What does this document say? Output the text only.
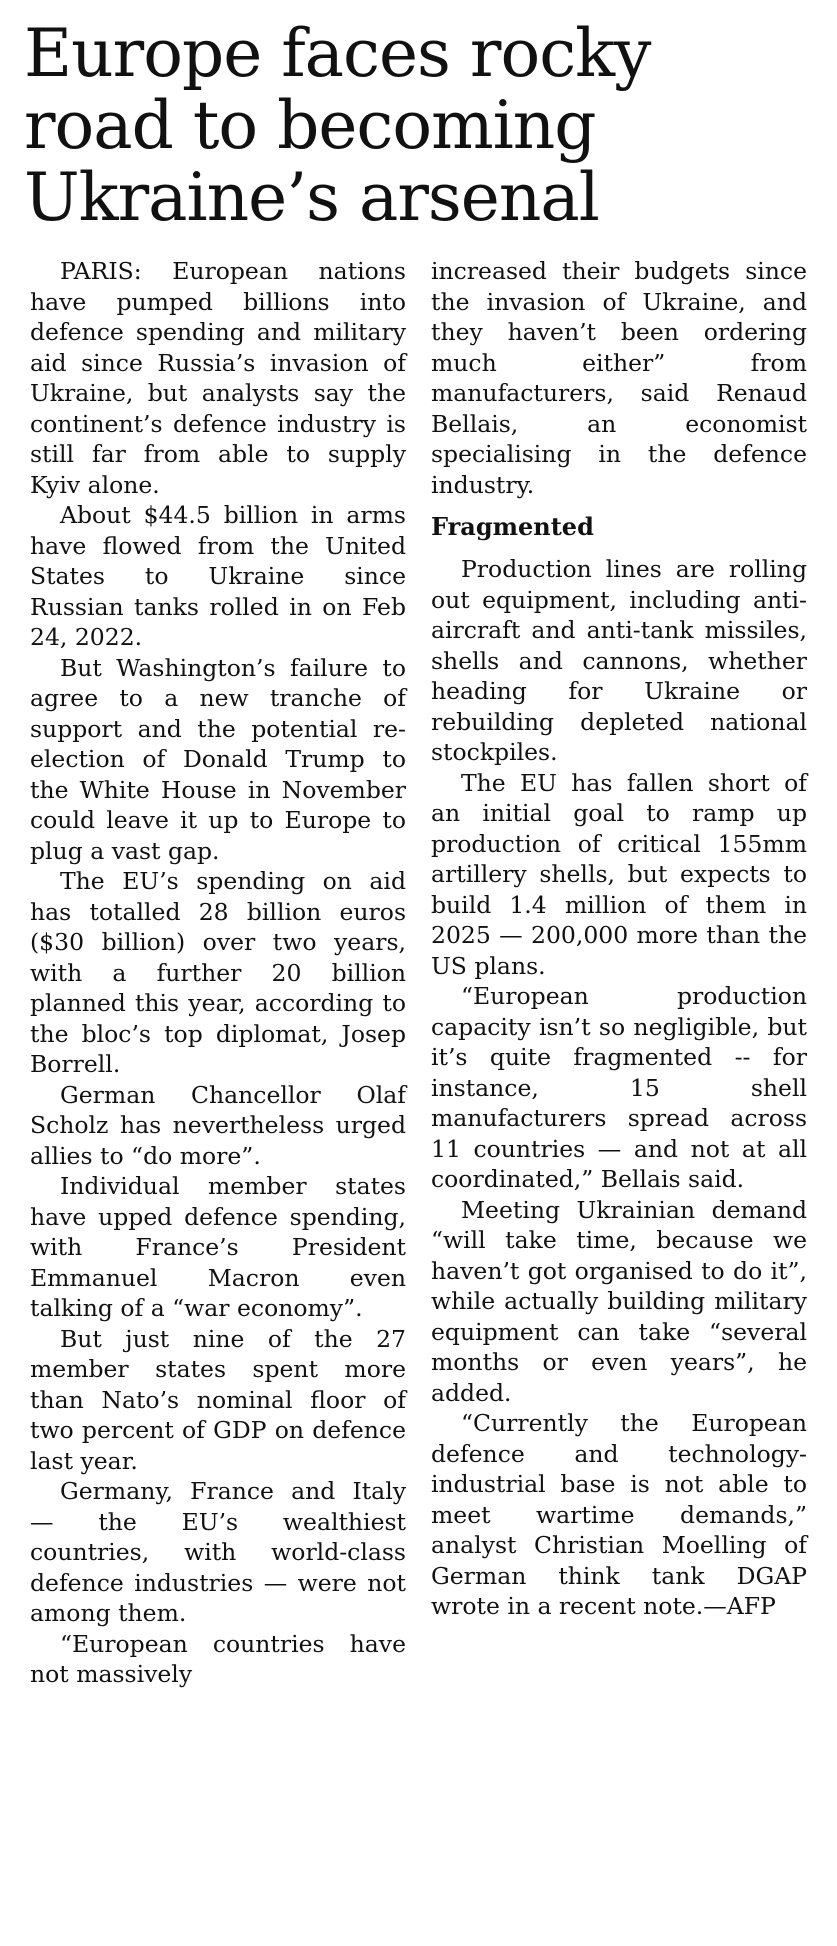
Europe faces rocky road to becoming Ukraine’s arsenal

PARIS: European nations have pumped billions into defence spending and military aid since Russia’s invasion of Ukraine, but analysts say the continent’s defence industry is still far from able to supply Kyiv alone.

About $44.5 billion in arms have flowed from the United States to Ukraine since Russian tanks rolled in on Feb 24, 2022.

But Washington’s failure to agree to a new tranche of support and the potential re-election of Donald Trump to the White House in November could leave it up to Europe to plug a vast gap.

The EU’s spending on aid has totalled 28 billion euros ($30 billion) over two years, with a further 20 billion planned this year, according to the bloc’s top diplomat, Josep Borrell.

German Chancellor Olaf Scholz has nevertheless urged allies to “do more”.

Individual member states have upped defence spending, with France’s President Emmanuel Macron even talking of a “war economy”.

But just nine of the 27 member states spent more than Nato’s nominal floor of two percent of GDP on defence last year.

Germany, France and Italy — the EU’s wealthiest countries, with world-class defence industries — were not among them.

“European countries have not massively

increased their budgets since the invasion of Ukraine, and they haven’t been ordering much either” from manufacturers, said Renaud Bellais, an economist specialising in the defence industry.

Fragmented

Production lines are rolling out equipment, including anti-aircraft and anti-tank missiles, shells and cannons, whether heading for Ukraine or rebuilding depleted national stockpiles.

The EU has fallen short of an initial goal to ramp up production of critical 155mm artillery shells, but expects to build 1.4 million of them in 2025 — 200,000 more than the US plans.

“European production capacity isn’t so negligible, but it’s quite fragmented -- for instance, 15 shell manufacturers spread across 11 countries — and not at all coordinated,” Bellais said.

Meeting Ukrainian demand “will take time, because we haven’t got organised to do it”, while actually building military equipment can take “several months or even years”, he added.

“Currently the European defence and technology-industrial base is not able to meet wartime demands,” analyst Christian Moelling of German think tank DGAP wrote in a recent note.—AFP
